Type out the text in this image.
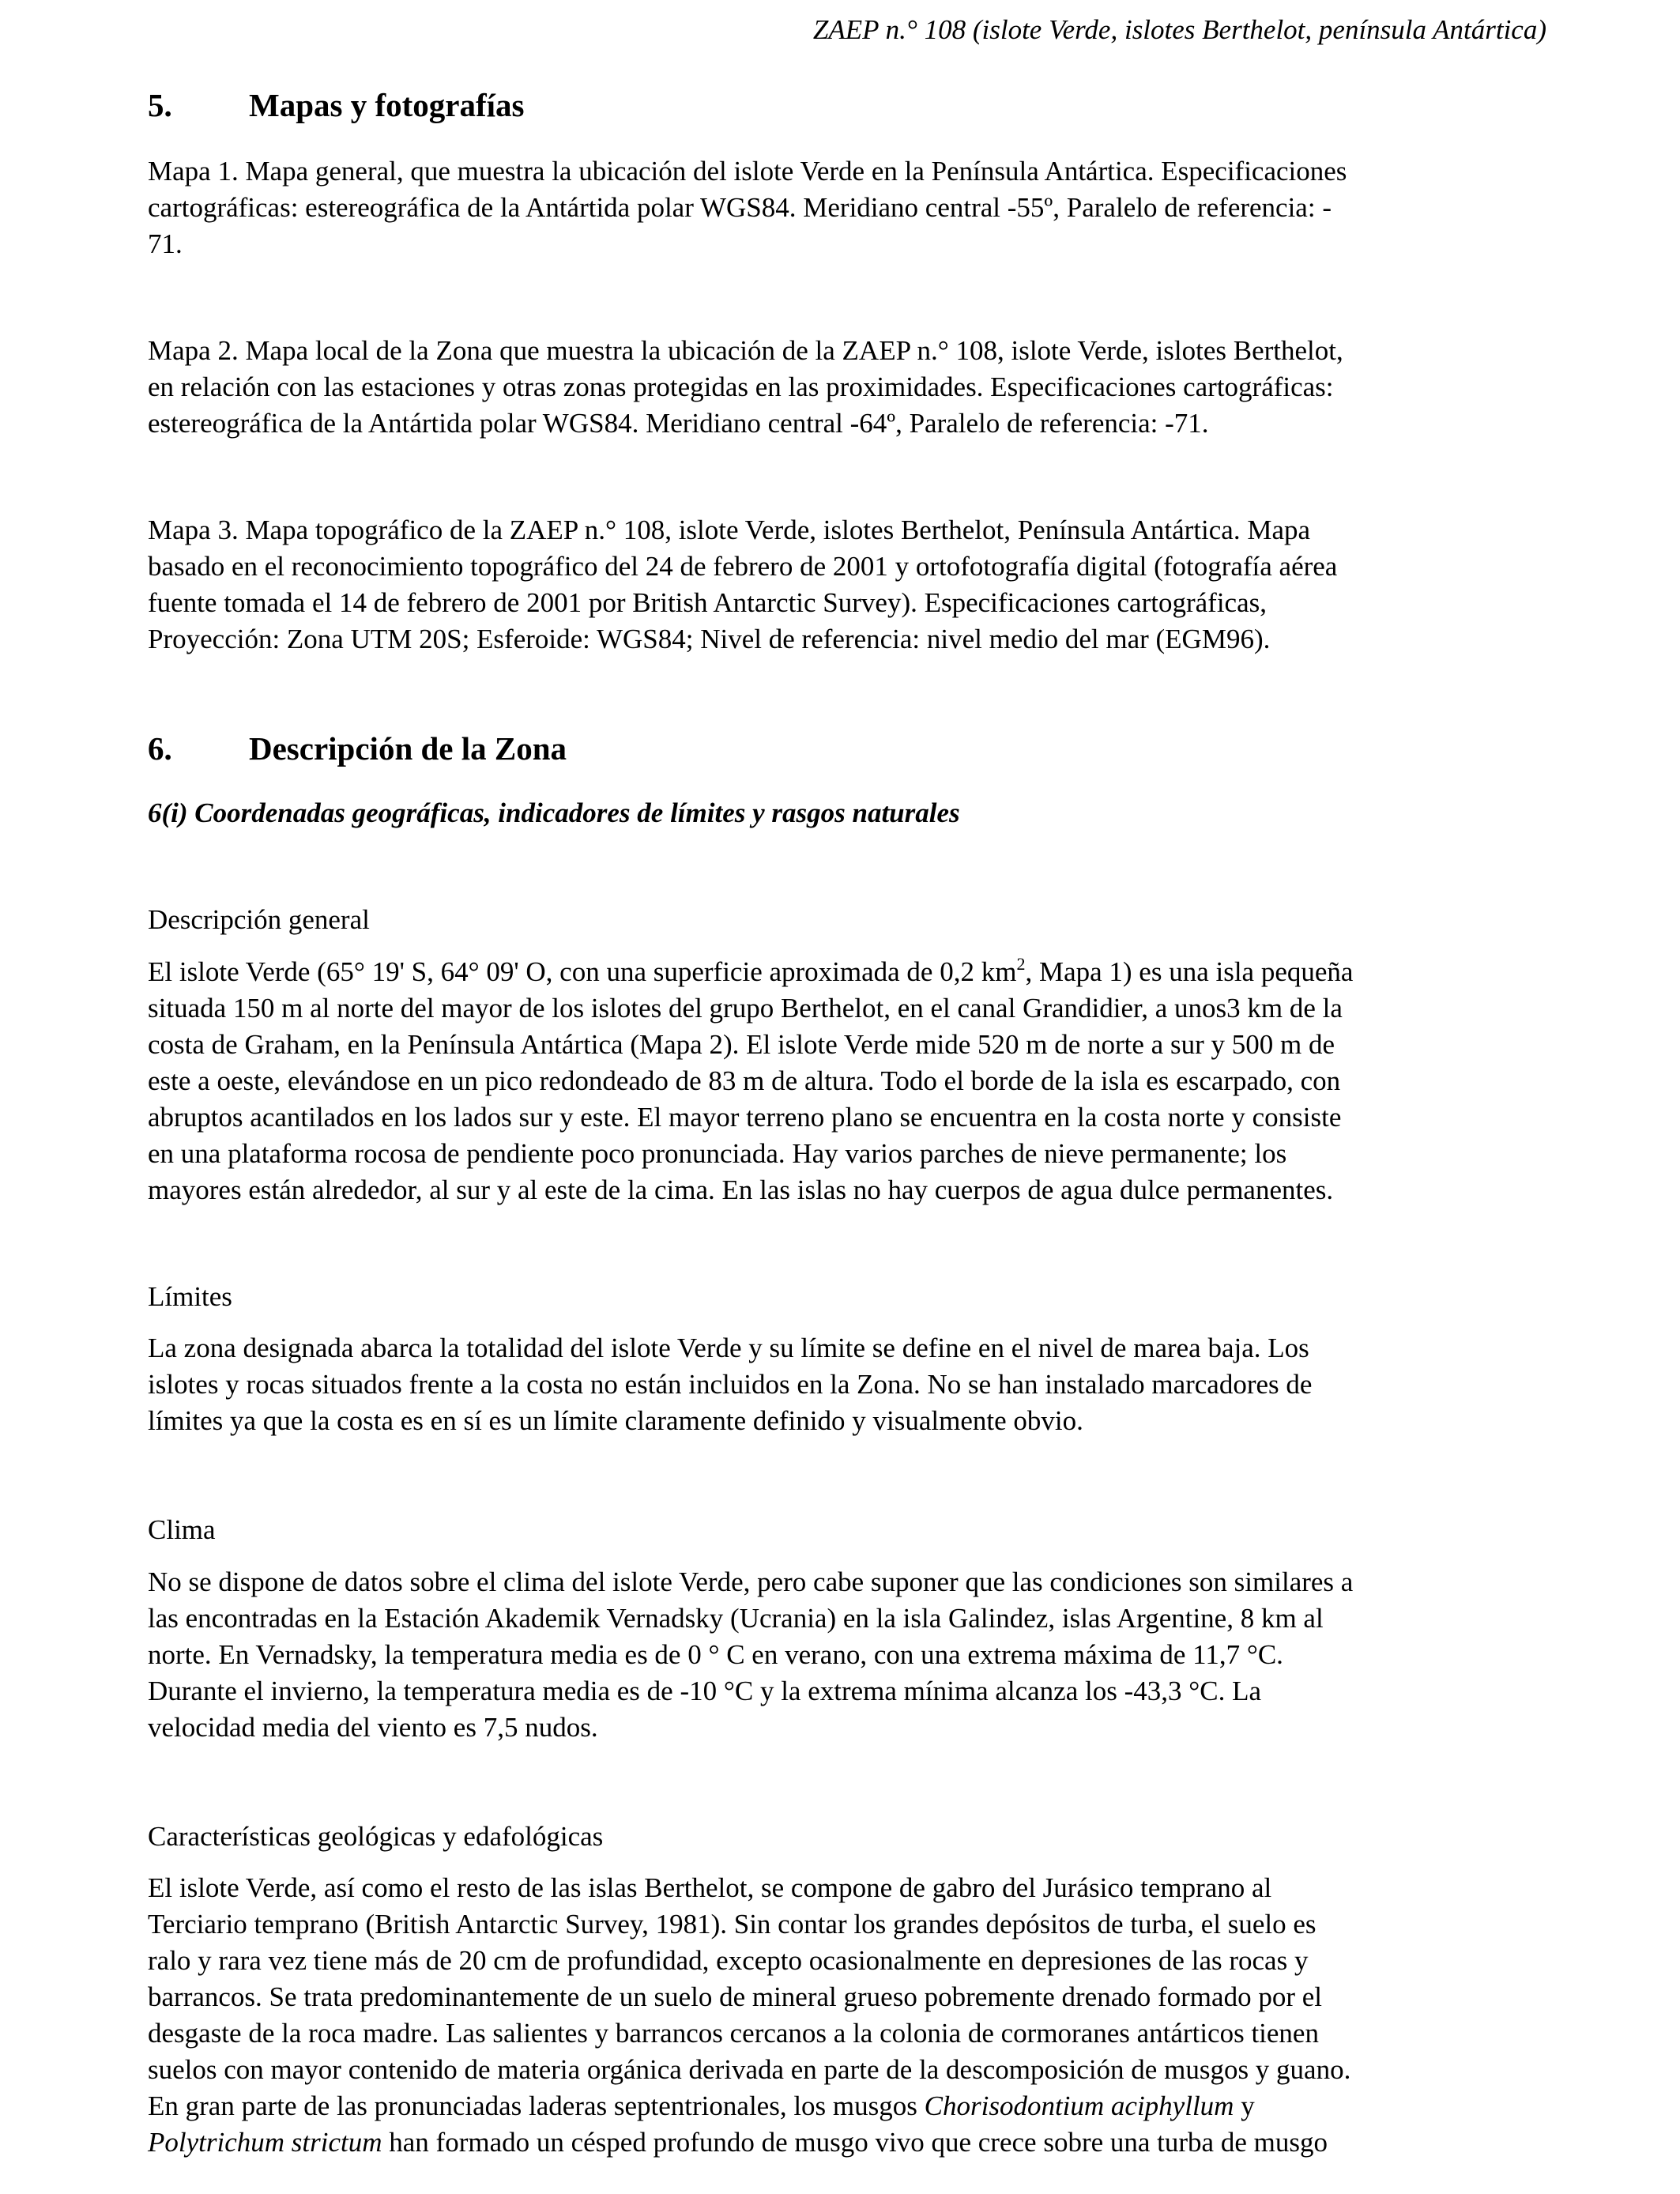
ZAEP n.° 108 (islote Verde, islotes Berthelot, península Antártica)
5. Mapas y fotografías
Mapa 1. Mapa general, que muestra la ubicación del islote Verde en la Península Antártica. Especificaciones
cartográficas: estereográfica de la Antártida polar WGS84. Meridiano central -55º, Paralelo de referencia: -
71.
Mapa 2. Mapa local de la Zona que muestra la ubicación de la ZAEP n.° 108, islote Verde, islotes Berthelot,
en relación con las estaciones y otras zonas protegidas en las proximidades. Especificaciones cartográficas:
estereográfica de la Antártida polar WGS84. Meridiano central -64º, Paralelo de referencia: -71.
Mapa 3. Mapa topográfico de la ZAEP n.° 108, islote Verde, islotes Berthelot, Península Antártica. Mapa
basado en el reconocimiento topográfico del 24 de febrero de 2001 y ortofotografía digital (fotografía aérea
fuente tomada el 14 de febrero de 2001 por British Antarctic Survey). Especificaciones cartográficas,
Proyección: Zona UTM 20S; Esferoide: WGS84; Nivel de referencia: nivel medio del mar (EGM96).
6. Descripción de la Zona
6(i) Coordenadas geográficas, indicadores de límites y rasgos naturales
Descripción general
El islote Verde (65° 19' S, 64° 09' O, con una superficie aproximada de 0,2 $km^2$, Mapa 1) es una isla pequeña
situada 150 m al norte del mayor de los islotes del grupo Berthelot, en el canal Grandidier, a unos3 km de la
costa de Graham, en la Península Antártica (Mapa 2). El islote Verde mide 520 m de norte a sur y 500 m de
este a oeste, elevándose en un pico redondeado de 83 m de altura. Todo el borde de la isla es escarpado, con
abruptos acantilados en los lados sur y este. El mayor terreno plano se encuentra en la costa norte y consiste
en una plataforma rocosa de pendiente poco pronunciada. Hay varios parches de nieve permanente; los
mayores están alrededor, al sur y al este de la cima. En las islas no hay cuerpos de agua dulce permanentes.
Límites
La zona designada abarca la totalidad del islote Verde y su límite se define en el nivel de marea baja. Los
islotes y rocas situados frente a la costa no están incluidos en la Zona. No se han instalado marcadores de
límites ya que la costa es en sí es un límite claramente definido y visualmente obvio.
Clima
No se dispone de datos sobre el clima del islote Verde, pero cabe suponer que las condiciones son similares a
las encontradas en la Estación Akademik Vernadsky (Ucrania) en la isla Galindez, islas Argentine, 8 km al
norte. En Vernadsky, la temperatura media es de 0 ° C en verano, con una extrema máxima de 11,7 °C.
Durante el invierno, la temperatura media es de -10 °C y la extrema mínima alcanza los -43,3 °C. La
velocidad media del viento es 7,5 nudos.
Características geológicas y edafológicas
El islote Verde, así como el resto de las islas Berthelot, se compone de gabro del Jurásico temprano al
Terciario temprano (British Antarctic Survey, 1981). Sin contar los grandes depósitos de turba, el suelo es
ralo y rara vez tiene más de 20 cm de profundidad, excepto ocasionalmente en depresiones de las rocas y
barrancos. Se trata predominantemente de un suelo de mineral grueso pobremente drenado formado por el
desgaste de la roca madre. Las salientes y barrancos cercanos a la colonia de cormoranes antárticos tienen
suelos con mayor contenido de materia orgánica derivada en parte de la descomposición de musgos y guano.
En gran parte de las pronunciadas laderas septentrionales, los musgos Chorisodontium aciphyllum y
Polytrichum strictum han formado un césped profundo de musgo vivo que crece sobre una turba de musgo
